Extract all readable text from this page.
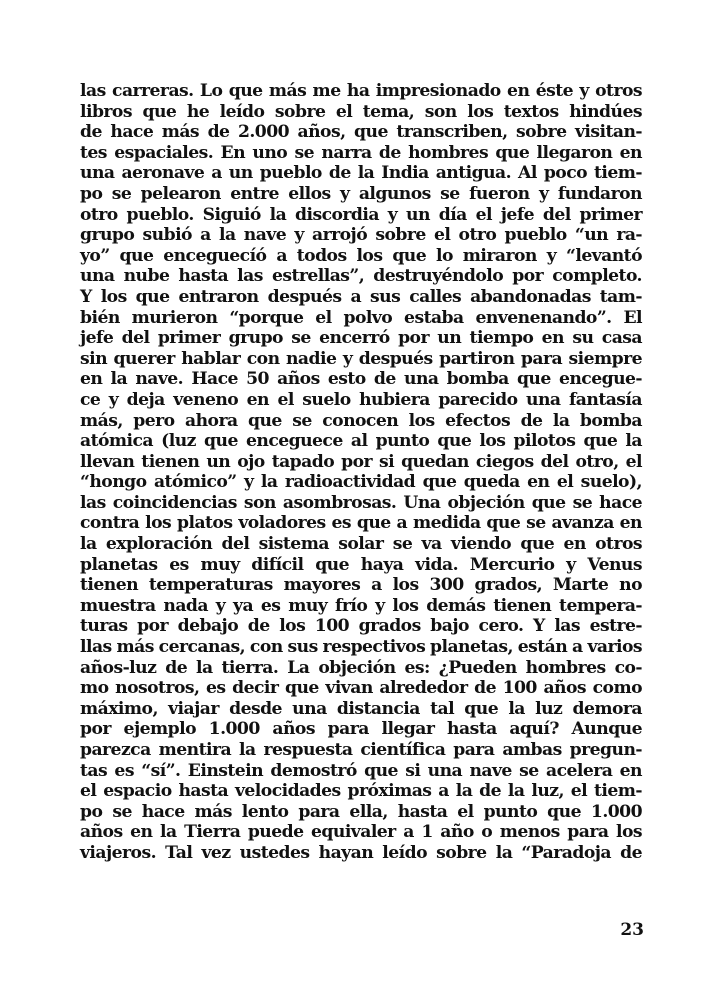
las carreras. Lo que más me ha impresionado en éste y otros
libros que he leído sobre el tema, son los textos hindúes
de hace más de 2.000 años, que transcriben, sobre visitan-
tes espaciales. En uno se narra de hombres que llegaron en
una aeronave a un pueblo de la India antigua. Al poco tiem-
po se pelearon entre ellos y algunos se fueron y fundaron
otro pueblo. Siguió la discordia y un día el jefe del primer
grupo subió a la nave y arrojó sobre el otro pueblo “un ra-
yo” que enceguecíó a todos los que lo miraron y “levantó
una nube hasta las estrellas”, destruyéndolo por completo.
Y los que entraron después a sus calles abandonadas tam-
bién murieron “porque el polvo estaba envenenando”. El
jefe del primer grupo se encerró por un tiempo en su casa
sin querer hablar con nadie y después partiron para siempre
en la nave. Hace 50 años esto de una bomba que encegue-
ce y deja veneno en el suelo hubiera parecido una fantasía
más, pero ahora que se conocen los efectos de la bomba
atómica (luz que enceguece al punto que los pilotos que la
llevan tienen un ojo tapado por si quedan ciegos del otro, el
“hongo atómico” y la radioactividad que queda en el suelo),
las coincidencias son asombrosas. Una objeción que se hace
contra los platos voladores es que a medida que se avanza en
la exploración del sistema solar se va viendo que en otros
planetas es muy difícil que haya vida. Mercurio y Venus
tienen temperaturas mayores a los 300 grados, Marte no
muestra nada y ya es muy frío y los demás tienen tempera-
turas por debajo de los 100 grados bajo cero. Y las estre-
llas más cercanas, con sus respectivos planetas, están a varios
años-luz de la tierra. La objeción es: ¿Pueden hombres co-
mo nosotros, es decir que vivan alrededor de 100 años como
máximo, viajar desde una distancia tal que la luz demora
por ejemplo 1.000 años para llegar hasta aquí? Aunque
parezca mentira la respuesta científica para ambas pregun-
tas es “sí”. Einstein demostró que si una nave se acelera en
el espacio hasta velocidades próximas a la de la luz, el tiem-
po se hace más lento para ella, hasta el punto que 1.000
años en la Tierra puede equivaler a 1 año o menos para los
viajeros. Tal vez ustedes hayan leído sobre la “Paradoja de
23
